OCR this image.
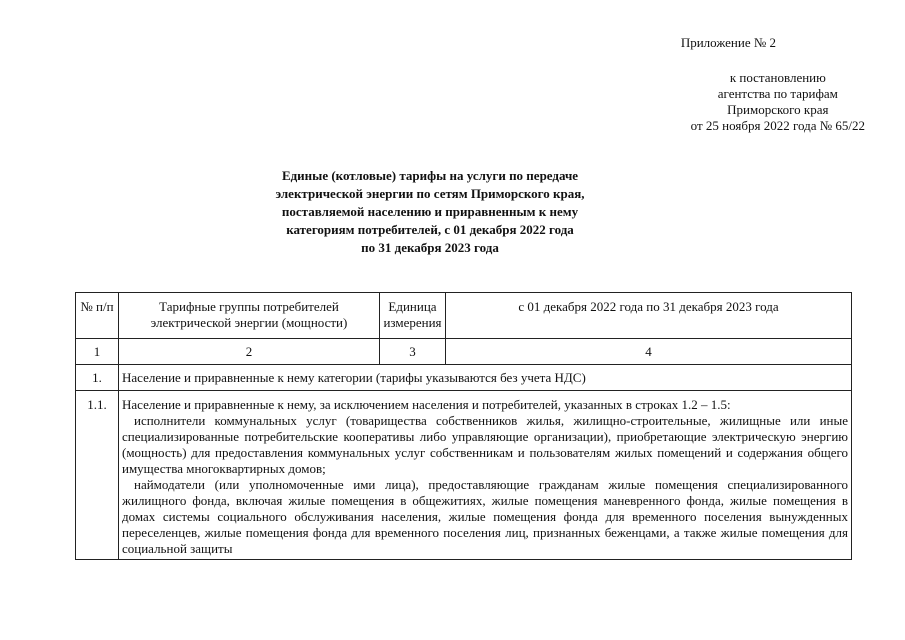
Приложение № 2
к постановлению
агентства по тарифам
Приморского края
от 25 ноября 2022 года № 65/22
Единые (котловые) тарифы на услуги по передаче
электрической энергии по сетям Приморского края,
поставляемой населению и приравненным к нему
категориям потребителей, с 01 декабря 2022 года
по 31 декабря 2023 года
№ п/п	Тарифные группы потребителей электрической энергии (мощности)	Единица измерения	с 01 декабря 2022 года по 31 декабря 2023 года
1	2	3	4
1.	Население и приравненные к нему категории (тарифы указываются без учета НДС)		
1.1.	Население и приравненные к нему, за исключением населения и потребителей, указанных в строках 1.2 – 1.5:
исполнители коммунальных услуг (товарищества собственников жилья, жилищно-строительные, жилищные или иные специализированные потребительские кооперативы либо управляющие организации), приобретающие электрическую энергию (мощность) для предоставления коммунальных услуг собственникам и пользователям жилых помещений и содержания общего имущества многоквартирных домов;
наймодатели (или уполномоченные ими лица), предоставляющие гражданам жилые помещения специализированного жилищного фонда, включая жилые помещения в общежитиях, жилые помещения маневренного фонда, жилые помещения в домах системы социального обслуживания населения, жилые помещения фонда для временного поселения вынужденных переселенцев, жилые помещения фонда для временного поселения лиц, признанных беженцами, а также жилые помещения для социальной защиты		
